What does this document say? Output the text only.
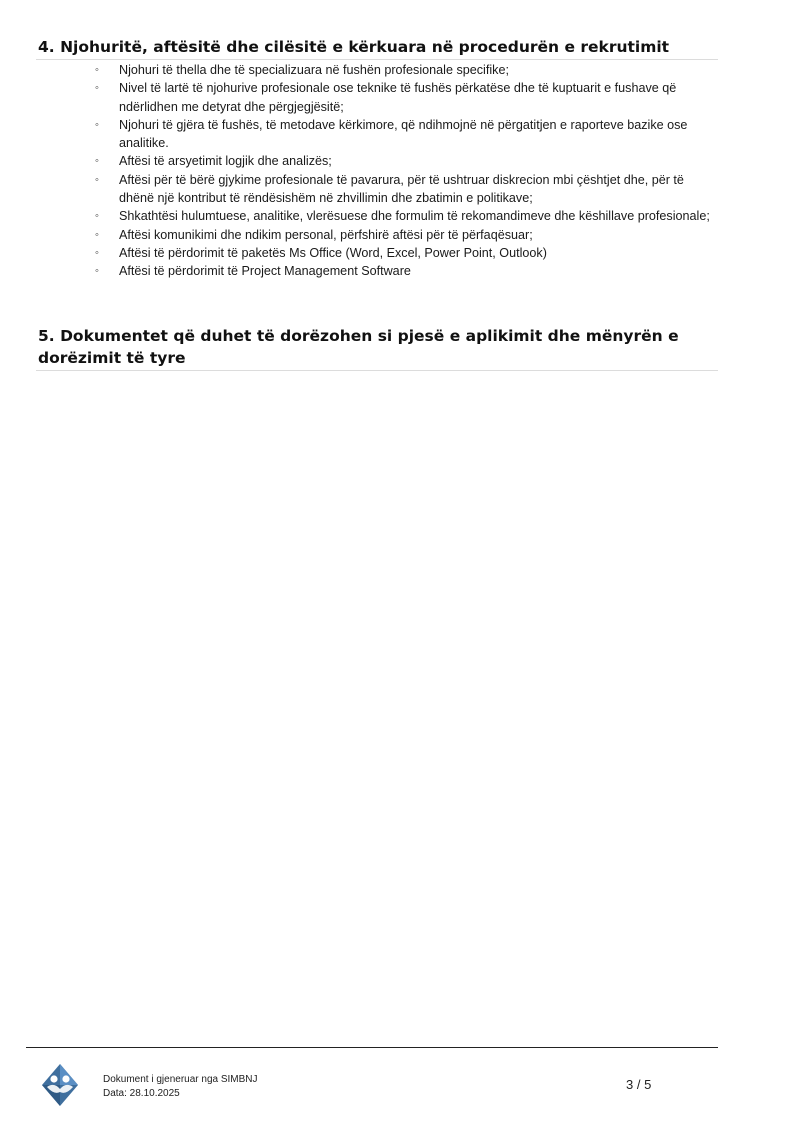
4. Njohuritë, aftësitë dhe cilësitë e kërkuara në procedurën e rekrutimit
◦ Njohuri të thella dhe të specializuara në fushën profesionale specifike;
◦ Nivel të lartë të njohurive profesionale ose teknike të fushës përkatëse dhe të kuptuarit e fushave që ndërlidhen me detyrat dhe përgjegjësitë;
◦ Njohuri të gjëra të fushës, të metodave kërkimore, që ndihmojnë në përgatitjen e raporteve bazike ose analitike.
◦ Aftësi të arsyetimit logjik dhe analizës;
◦ Aftësi për të bërë gjykime profesionale të pavarura, për të ushtruar diskrecion mbi çështjet dhe, për të dhënë një kontribut të rëndësishëm në zhvillimin dhe zbatimin e politikave;
◦ Shkathtësi hulumtuese, analitike, vlerësuese dhe formulim të rekomandimeve dhe këshillave profesionale;
◦ Aftësi komunikimi dhe ndikim personal, përfshirë aftësi për të përfaqësuar;
◦ Aftësi të përdorimit të paketës Ms Office (Word, Excel, Power Point, Outlook)
◦ Aftësi të përdorimit të Project Management Software
5. Dokumentet që duhet të dorëzohen si pjesë e aplikimit dhe mënyrën e dorëzimit të tyre
Dokument i gjeneruar nga SIMBNJ
Data: 28.10.2025
3 / 5
